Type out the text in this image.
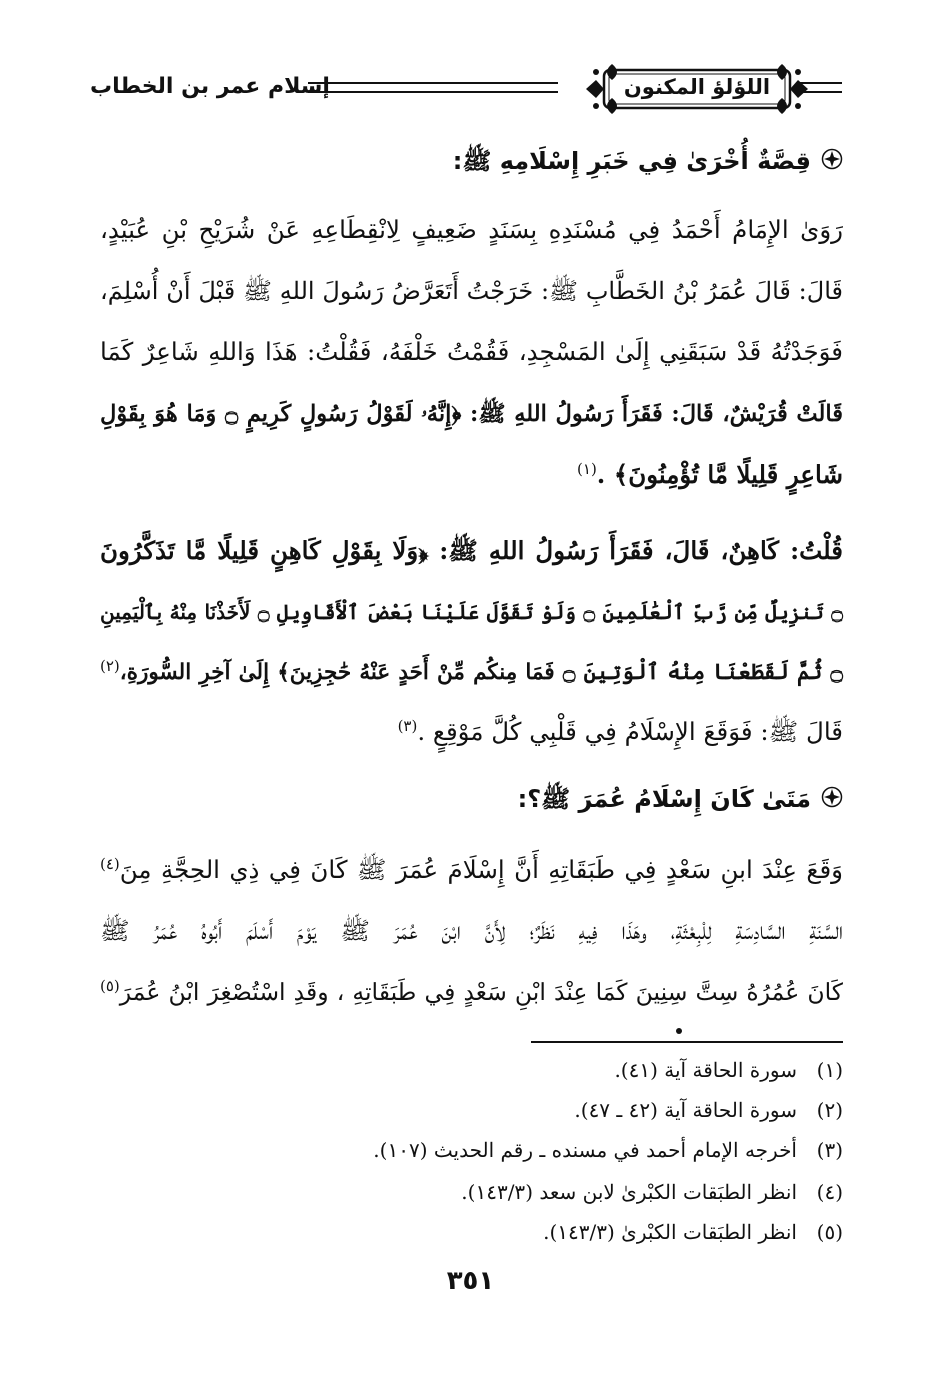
اللؤلؤ المكنون
إسلام عمر بن الخطاب
قِصَّةٌ أُخْرَىٰ فِي خَبَرِ إِسْلَامِهِ ﷺ:
رَوَىٰ الإِمَامُ أَحْمَدُ فِي مُسْنَدِهِ بِسَنَدٍ ضَعِيفٍ لِانْقِطَاعِهِ عَنْ شُرَيْحِ بْنِ عُبَيْدٍ،
قَالَ: قَالَ عُمَرُ بْنُ الخَطَّابِ ﷺ: خَرَجْتُ أَتَعَرَّضُ رَسُولَ اللهِ ﷺ قَبْلَ أَنْ أُسْلِمَ،
فَوَجَدْتُهُ قَدْ سَبَقَنِي إِلَىٰ المَسْجِدِ، فَقُمْتُ خَلْفَهُ، فَقُلْتُ: هَذَا وَاللهِ شَاعِرٌ كَمَا
قَالَتْ قُرَيْشٌ، قَالَ: فَقَرَأَ رَسُولُ اللهِ ﷺ: ﴿إِنَّهُۥ لَقَوْلُ رَسُولٍ كَرِيمٍ ۝ وَمَا هُوَ بِقَوْلِ
شَاعِرٍ قَلِيلًا مَّا تُؤْمِنُونَ﴾ .$^{(١)}$
قُلْتُ: كَاهِنٌ، قَالَ، فَقَرَأَ رَسُولُ اللهِ ﷺ: ﴿وَلَا بِقَوْلِ كَاهِنٍ قَلِيلًا مَّا تَذَكَّرُونَ
۝ تَنزِيلٌ مِّن رَّبِّ ٱلْعَٰلَمِينَ ۝ وَلَوْ تَقَوَّلَ عَلَيْنَا بَعْضَ ٱلْأَقَاوِيلِ ۝ لَأَخَذْنَا مِنْهُ بِٱلْيَمِينِ
۝ ثُمَّ لَقَطَعْنَا مِنْهُ ٱلْوَتِينَ ۝ فَمَا مِنكُم مِّنْ أَحَدٍ عَنْهُ حَٰجِزِينَ﴾ إِلَىٰ آخِرِ السُّورَةِ،$^{(٢)}$
قَالَ ﷺ: فَوَقَعَ الإِسْلَامُ فِي قَلْبِي كُلَّ مَوْقِعٍ .$^{(٣)}$
مَتَىٰ كَانَ إِسْلَامُ عُمَرَ ﷺ؟:
وَقَعَ عِنْدَ ابنِ سَعْدٍ فِي طَبَقَاتِهِ أَنَّ إِسْلَامَ عُمَرَ ﷺ كَانَ فِي ذِي الحِجَّةِ مِنَ$^{(٤)}$
السَّنَةِ السَّادِسَةِ لِلْبِعْثَةِ، وهَذَا فِيهِ نَظَرٌ؛ لِأَنَّ ابْنَ عُمَرَ ﷺ يَوْمَ أَسْلَمَ أَبُوهُ عُمَرُ ﷺ
كَانَ عُمُرُهُ سِتَّ سِنِينَ كَمَا عِنْدَ ابْنِ سَعْدٍ فِي طَبَقَاتِهِ ، وقَدِ اسْتُصْغِرَ ابْنُ عُمَرَ$^{(٥)}$
(١)سورة الحاقة آية (٤١).
(٢)سورة الحاقة آية (٤٢ ـ ٤٧).
(٣)أخرجه الإمام أحمد في مسنده ـ رقم الحديث (١٠٧).
(٤)انظر الطبَقات الكبْرىٰ لابن سعد (١٤٣/٣).
(٥)انظر الطبَقات الكبْرىٰ (١٤٣/٣).
٣٥١
